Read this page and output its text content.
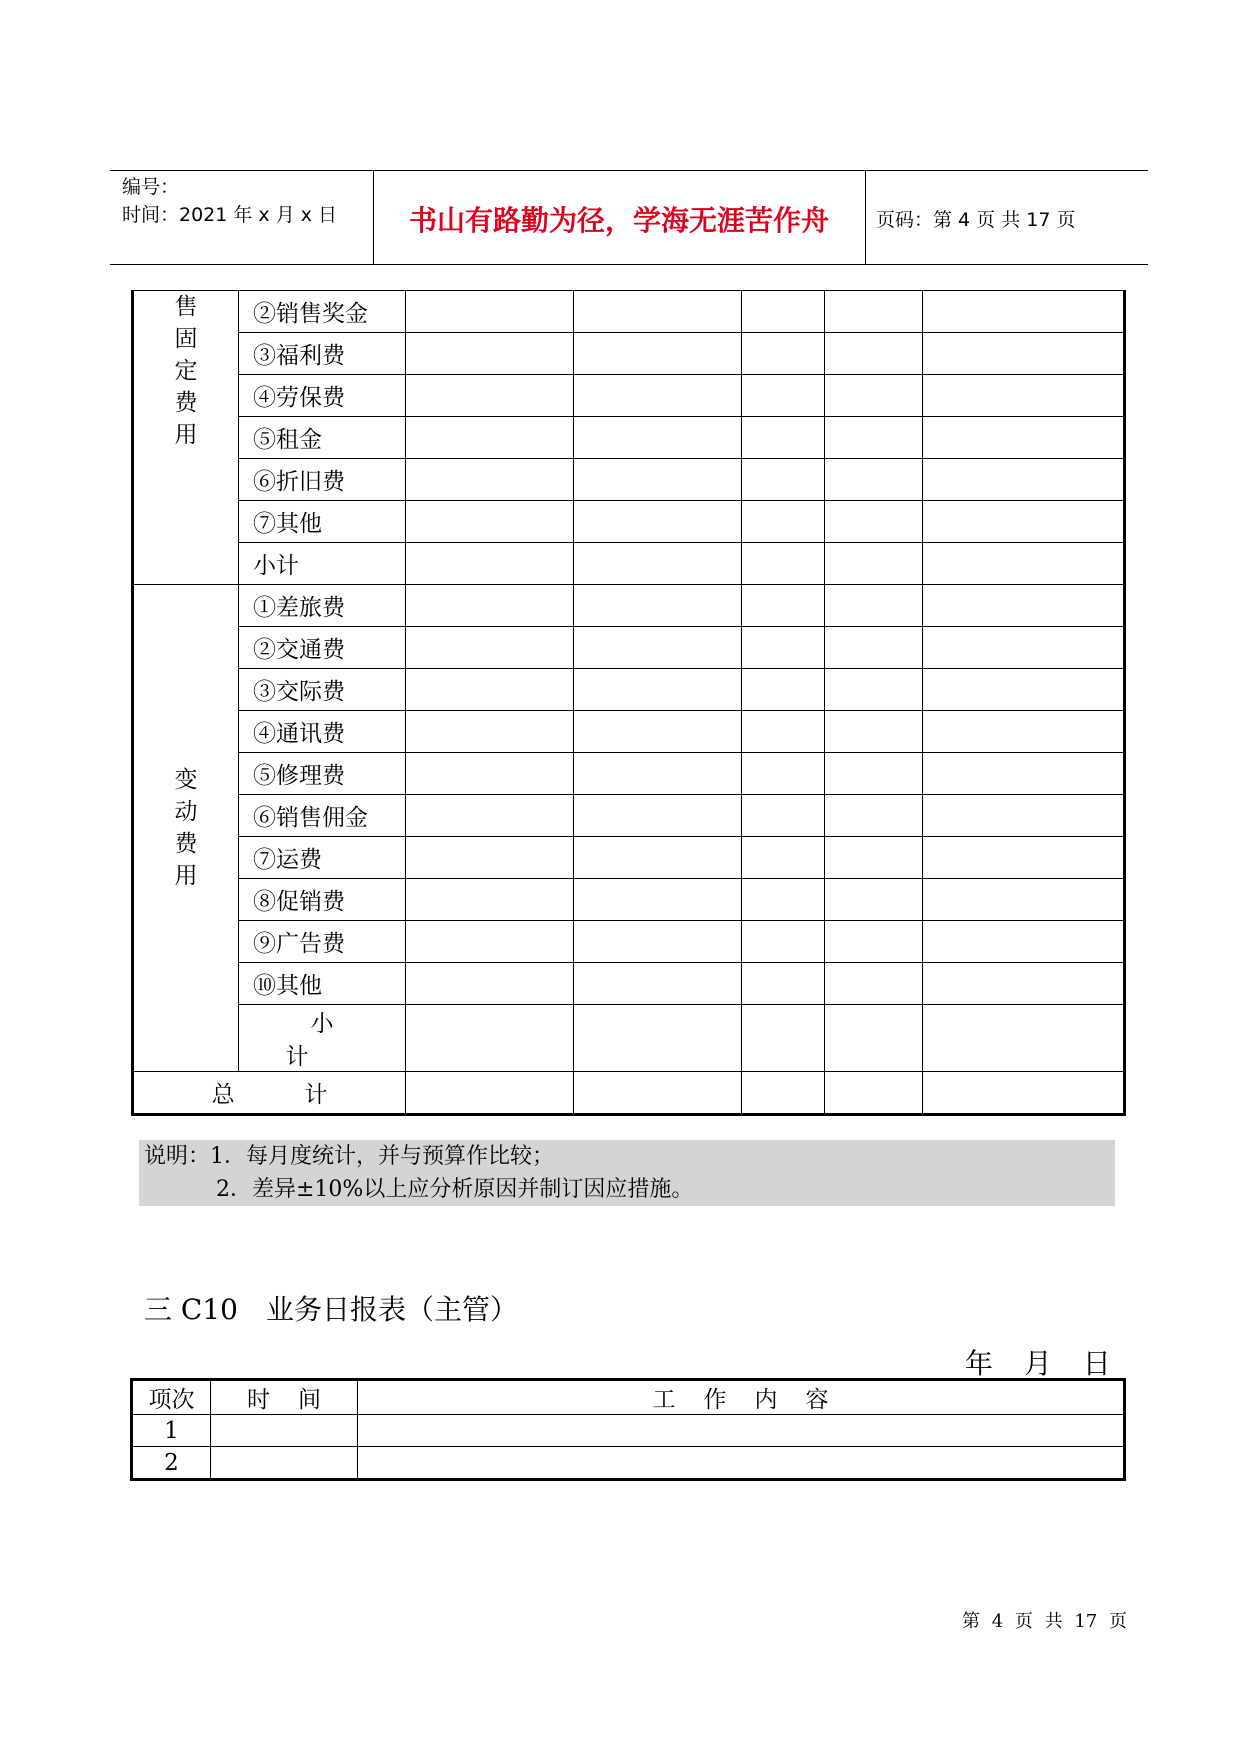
编号：
时间：2021 年 x 月 x 日	书山有路勤为径，学海无涯苦作舟	页码：第 4 页 共 17 页
售固定费用	②销售奖金					
	③福利费					
	④劳保费					
	⑤租金					
	⑥折旧费					
	⑦其他					
	小计					

变动费用	①差旅费					
	②交通费					
	③交际费					
	④通讯费					
	⑤修理费					
	⑥销售佣金					
	⑦运费					
	⑧促销费					
	⑨广告费					
	⑩其他					
	小计					
总计						
说明：1．每月度统计，并与预算作比较；
2．差异±10%以上应分析原因并制订因应措施。
三 C10　业务日报表（主管）
年 月 日
项次	时间	工作内容
1		
2		
第 4 页 共 17 页
